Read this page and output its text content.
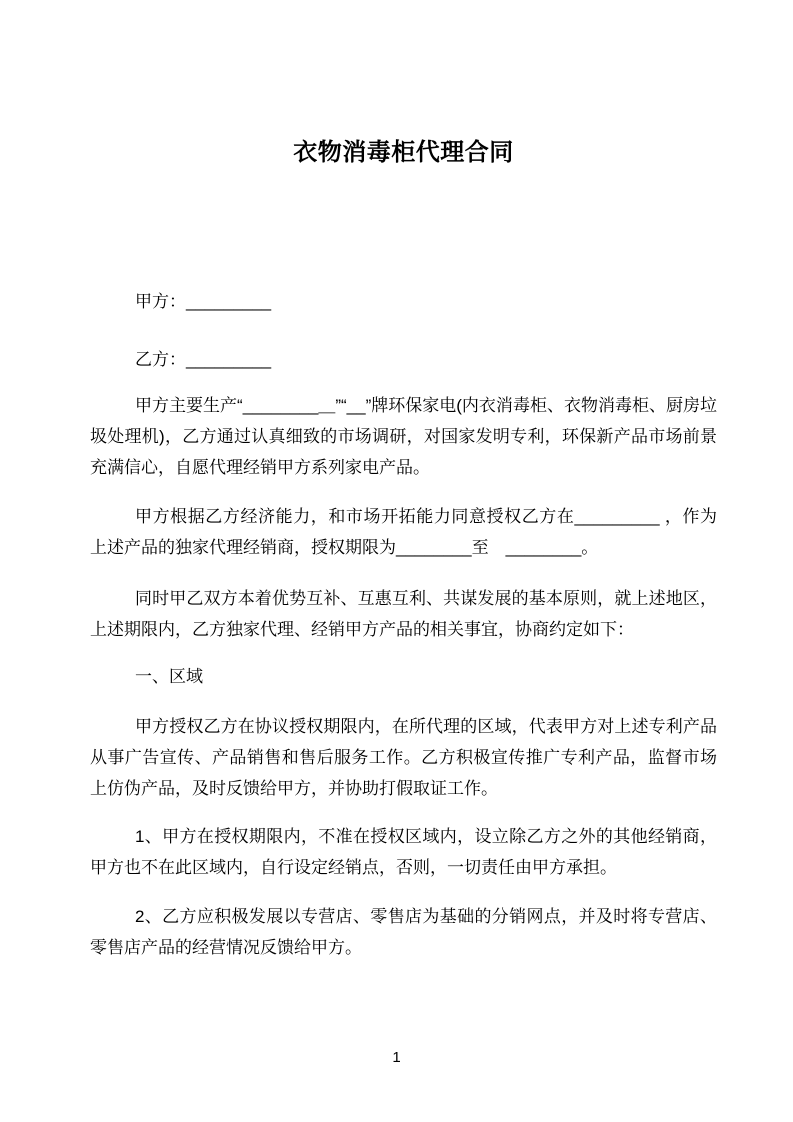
衣物消毒柜代理合同

甲方：_________

乙方：_________

甲方主要生产“________＿”“__”牌环保家电(内衣消毒柜、衣物消毒柜、厨房垃圾处理机)，乙方通过认真细致的市场调研，对国家发明专利，环保新产品市场前景充满信心，自愿代理经销甲方系列家电产品。

甲方根据乙方经济能力，和市场开拓能力同意授权乙方在_________ ，作为上述产品的独家代理经销商，授权期限为________至　________。

同时甲乙双方本着优势互补、互惠互利、共谋发展的基本原则，就上述地区，上述期限内，乙方独家代理、经销甲方产品的相关事宜，协商约定如下：

一、区域

甲方授权乙方在协议授权期限内，在所代理的区域，代表甲方对上述专利产品从事广告宣传、产品销售和售后服务工作。乙方积极宣传推广专利产品，监督市场上仿伪产品，及时反馈给甲方，并协助打假取证工作。

1、甲方在授权期限内，不准在授权区域内，设立除乙方之外的其他经销商，甲方也不在此区域内，自行设定经销点，否则，一切责任由甲方承担。

2、乙方应积极发展以专营店、零售店为基础的分销网点，并及时将专营店、零售店产品的经营情况反馈给甲方。

1
